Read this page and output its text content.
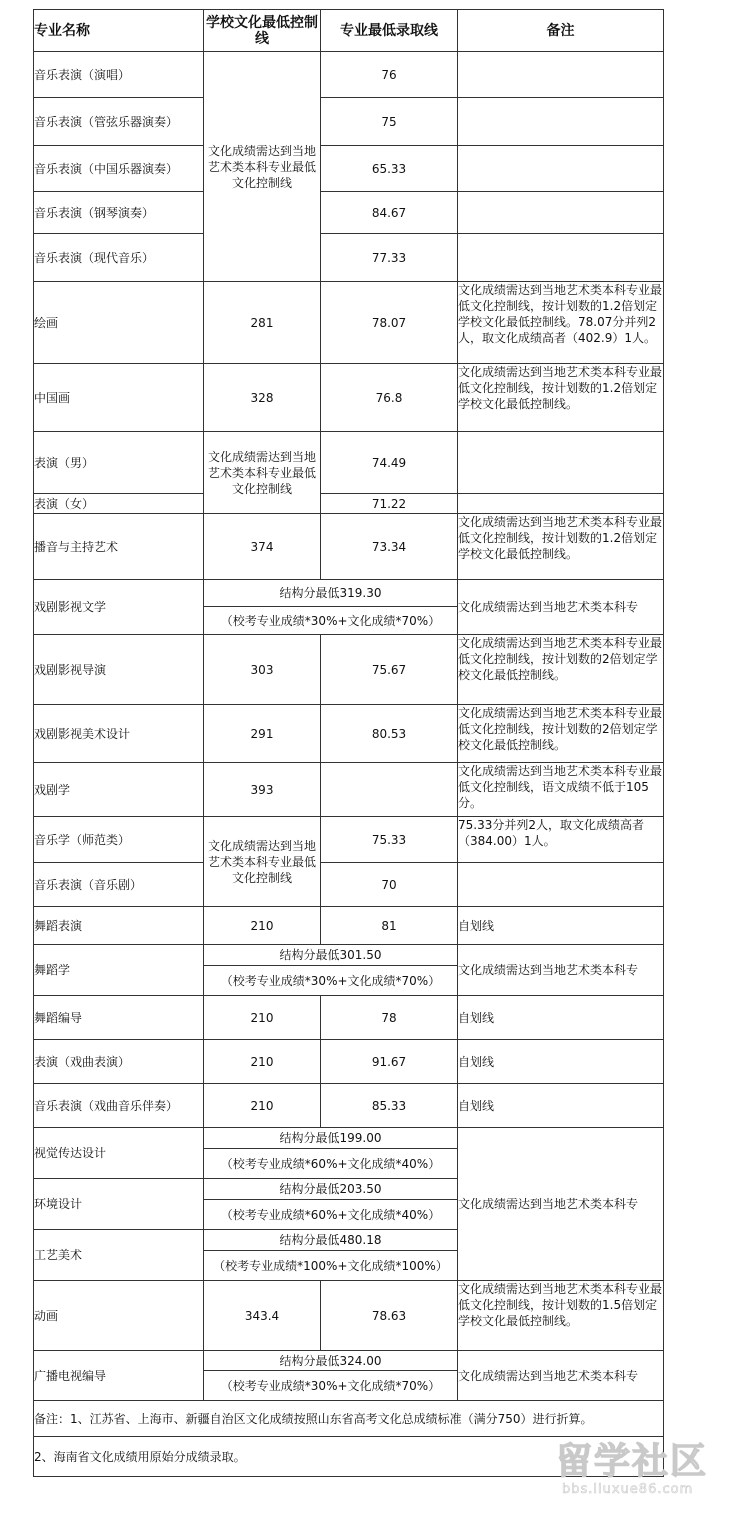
专业名称	学校文化最低控制线	专业最低录取线	备注
音乐表演（演唱）	文化成绩需达到当地艺术类本科专业最低文化控制线	76	
音乐表演（管弦乐器演奏）		75	
音乐表演（中国乐器演奏）		65.33	
音乐表演（钢琴演奏）		84.67	
音乐表演（现代音乐）		77.33	
绘画	281	78.07	文化成绩需达到当地艺术类本科专业最低文化控制线，按计划数的1.2倍划定学校文化最低控制线。78.07分并列2人，取文化成绩高者（402.9）1人。
中国画	328	76.8	文化成绩需达到当地艺术类本科专业最低文化控制线，按计划数的1.2倍划定学校文化最低控制线。
表演（男）	文化成绩需达到当地艺术类本科专业最低文化控制线	74.49	
表演（女）		71.22	
播音与主持艺术	374	73.34	文化成绩需达到当地艺术类本科专业最低文化控制线，按计划数的1.2倍划定学校文化最低控制线。
戏剧影视文学	结构分最低319.30		文化成绩需达到当地艺术类本科专
	（校考专业成绩*30%+文化成绩*70%）		
戏剧影视导演	303	75.67	文化成绩需达到当地艺术类本科专业最低文化控制线，按计划数的2倍划定学校文化最低控制线。
戏剧影视美术设计	291	80.53	文化成绩需达到当地艺术类本科专业最低文化控制线，按计划数的2倍划定学校文化最低控制线。
戏剧学	393		文化成绩需达到当地艺术类本科专业最低文化控制线，语文成绩不低于105分。
音乐学（师范类）	文化成绩需达到当地艺术类本科专业最低文化控制线	75.33	75.33分并列2人，取文化成绩高者（384.00）1人。
音乐表演（音乐剧）		70	
舞蹈表演	210	81	自划线
舞蹈学	结构分最低301.50		文化成绩需达到当地艺术类本科专
	（校考专业成绩*30%+文化成绩*70%）		
舞蹈编导	210	78	自划线
表演（戏曲表演）	210	91.67	自划线
音乐表演（戏曲音乐伴奏）	210	85.33	自划线
视觉传达设计	结构分最低199.00		文化成绩需达到当地艺术类本科专
	（校考专业成绩*60%+文化成绩*40%）		
环境设计	结构分最低203.50		
	（校考专业成绩*60%+文化成绩*40%）		
工艺美术	结构分最低480.18		
	（校考专业成绩*100%+文化成绩*100%）		
动画	343.4	78.63	文化成绩需达到当地艺术类本科专业最低文化控制线，按计划数的1.5倍划定学校文化最低控制线。
广播电视编导	结构分最低324.00		文化成绩需达到当地艺术类本科专
	（校考专业成绩*30%+文化成绩*70%）		
备注：1、江苏省、上海市、新疆自治区文化成绩按照山东省高考文化总成绩标准（满分750）进行折算。			
2、海南省文化成绩用原始分成绩录取。				留学社区
bbs.liuxue86.com
